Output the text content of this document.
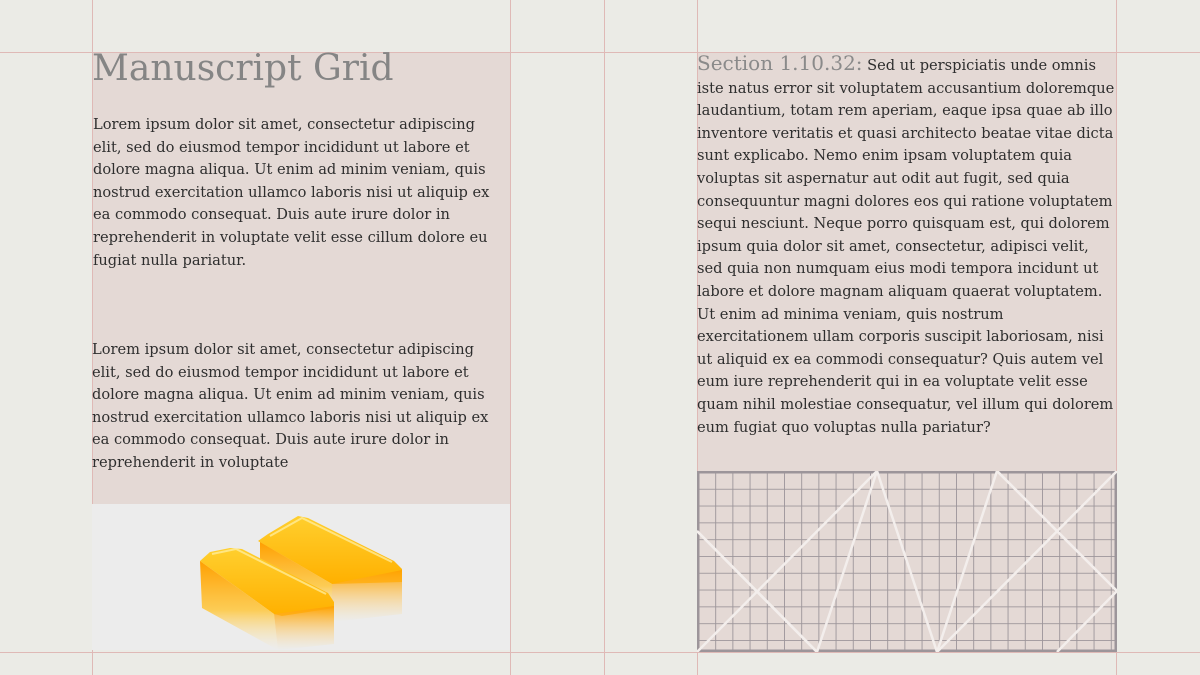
Manuscript Grid

Lorem ipsum dolor sit amet, consectetur adipiscing elit, sed do eiusmod tempor incididunt ut labore et dolore magna aliqua. Ut enim ad minim veniam, quis nostrud exercitation ullamco laboris nisi ut aliquip ex ea commodo consequat. Duis aute irure dolor in reprehenderit in voluptate velit esse cillum dolore eu fugiat nulla pariatur.

Lorem ipsum dolor sit amet, consectetur adipiscing elit, sed do eiusmod tempor incididunt ut labore et dolore magna aliqua. Ut enim ad minim veniam, quis nostrud exercitation ullamco laboris nisi ut aliquip ex ea commodo consequat. Duis aute irure dolor in reprehenderit in voluptate

Section 1.10.32: Sed ut perspiciatis unde omnis iste natus error sit voluptatem accusantium doloremque laudantium, totam rem aperiam, eaque ipsa quae ab illo inventore veritatis et quasi architecto beatae vitae dicta sunt explicabo. Nemo enim ipsam voluptatem quia voluptas sit aspernatur aut odit aut fugit, sed quia consequuntur magni dolores eos qui ratione voluptatem sequi nesciunt. Neque porro quisquam est, qui dolorem ipsum quia dolor sit amet, consectetur, adipisci velit, sed quia non numquam eius modi tempora incidunt ut labore et dolore magnam aliquam quaerat voluptatem. Ut enim ad minima veniam, quis nostrum exercitationem ullam corporis suscipit laboriosam, nisi ut aliquid ex ea commodi consequatur? Quis autem vel eum iure reprehenderit qui in ea voluptate velit esse quam nihil molestiae consequatur, vel illum qui dolorem eum fugiat quo voluptas nulla pariatur?
